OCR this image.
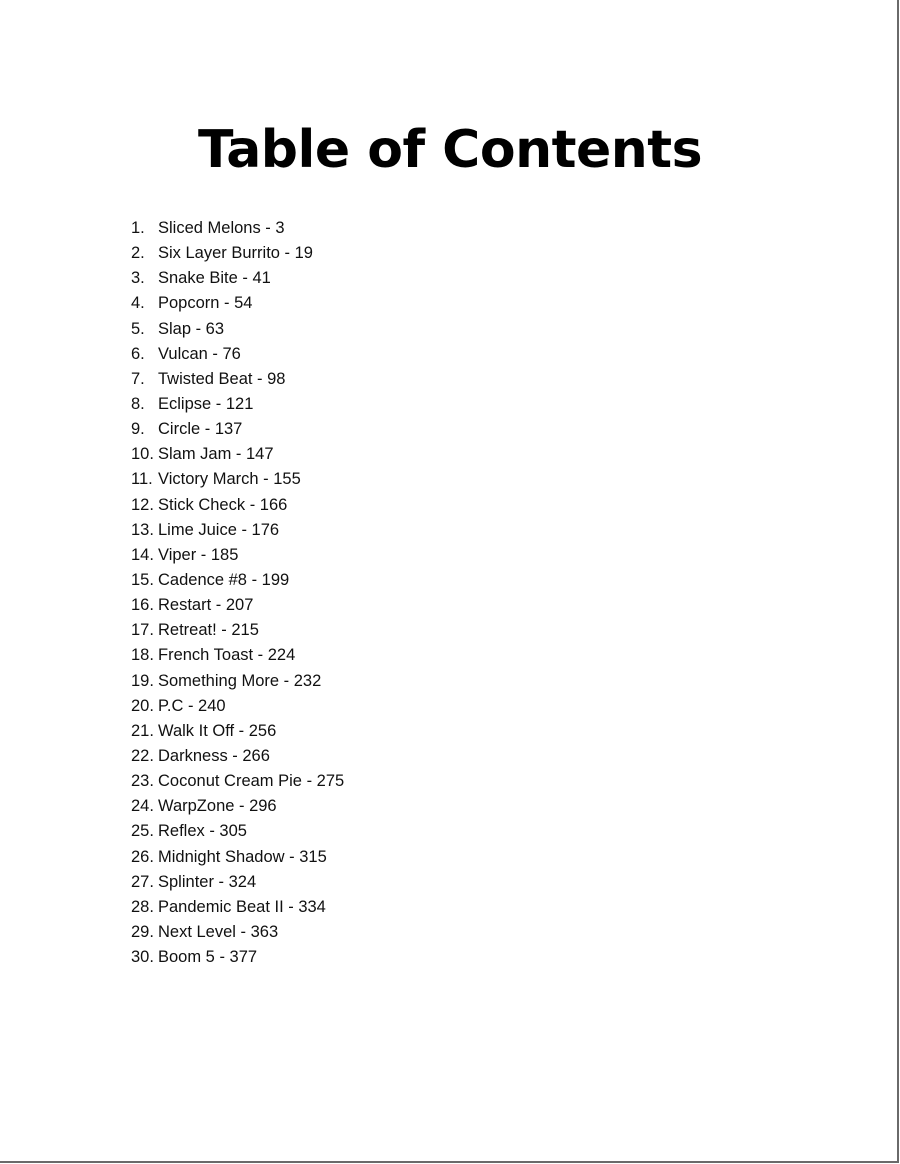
Table of Contents
1. Sliced Melons - 3
2. Six Layer Burrito - 19
3. Snake Bite - 41
4. Popcorn - 54
5. Slap - 63
6. Vulcan - 76
7. Twisted Beat - 98
8. Eclipse - 121
9. Circle - 137
10. Slam Jam - 147
11. Victory March - 155
12. Stick Check - 166
13. Lime Juice - 176
14. Viper - 185
15. Cadence #8 - 199
16. Restart - 207
17. Retreat! - 215
18. French Toast - 224
19. Something More - 232
20. P.C - 240
21. Walk It Off - 256
22. Darkness - 266
23. Coconut Cream Pie - 275
24. WarpZone - 296
25. Reflex - 305
26. Midnight Shadow - 315
27. Splinter - 324
28. Pandemic Beat II - 334
29. Next Level - 363
30. Boom 5 - 377
